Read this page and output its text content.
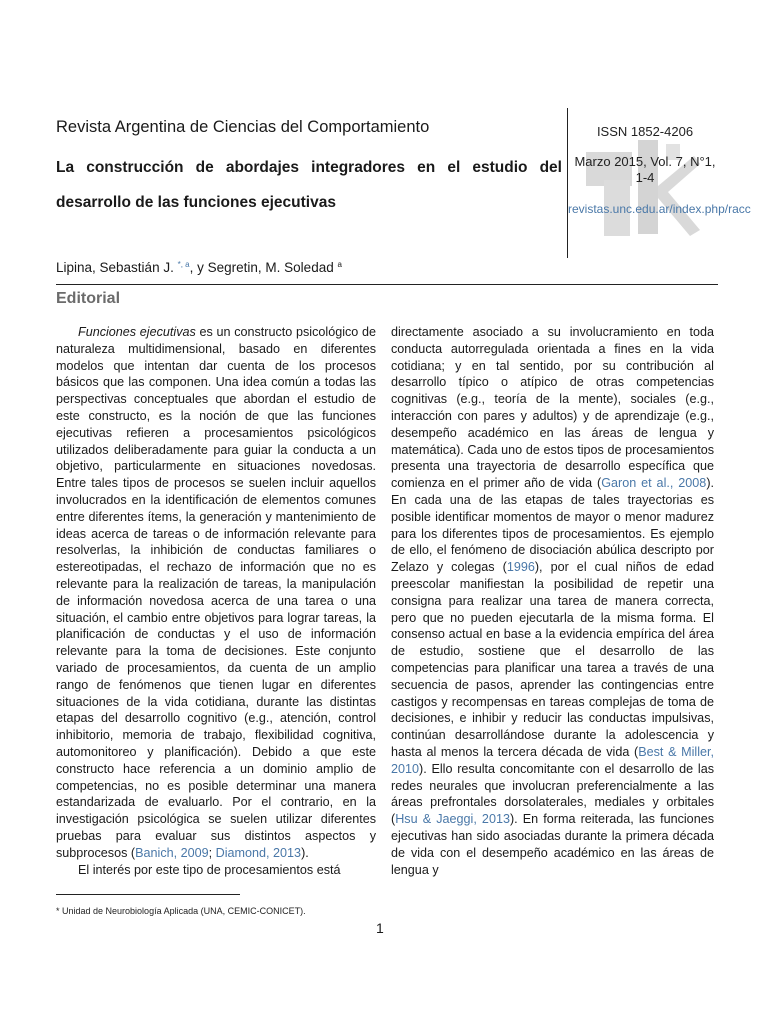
Revista Argentina de Ciencias del Comportamiento
La construcción de abordajes integradores en el estudio del desarrollo de las funciones ejecutivas
ISSN 1852-4206
Marzo 2015, Vol. 7, N°1, 1-4
revistas.unc.edu.ar/index.php/racc
Lipina, Sebastián J. $^{*, a}$, y Segretin, M. Soledad $^a$
Editorial

Funciones ejecutivas es un constructo psicológico de naturaleza multidimensional, basado en diferentes modelos que intentan dar cuenta de los procesos básicos que las componen. Una idea común a todas las perspectivas conceptuales que abordan el estudio de este constructo, es la noción de que las funciones ejecutivas refieren a procesamientos psicológicos utilizados deliberadamente para guiar la conducta a un objetivo, particularmente en situaciones novedosas. Entre tales tipos de procesos se suelen incluir aquellos involucrados en la identificación de elementos comunes entre diferentes ítems, la generación y mantenimiento de ideas acerca de tareas o de información relevante para resolverlas, la inhibición de conductas familiares o estereotipadas, el rechazo de información que no es relevante para la realización de tareas, la manipulación de información novedosa acerca de una tarea o una situación, el cambio entre objetivos para lograr tareas, la planificación de conductas y el uso de información relevante para la toma de decisiones. Este conjunto variado de procesamientos, da cuenta de un amplio rango de fenómenos que tienen lugar en diferentes situaciones de la vida cotidiana, durante las distintas etapas del desarrollo cognitivo (e.g., atención, control inhibitorio, memoria de trabajo, flexibilidad cognitiva, automonitoreo y planificación). Debido a que este constructo hace referencia a un dominio amplio de competencias, no es posible determinar una manera estandarizada de evaluarlo. Por el contrario, en la investigación psicológica se suelen utilizar diferentes pruebas para evaluar sus distintos aspectos y subprocesos (Banich, 2009; Diamond, 2013).

El interés por este tipo de procesamientos está

directamente asociado a su involucramiento en toda conducta autorregulada orientada a fines en la vida cotidiana; y en tal sentido, por su contribución al desarrollo típico o atípico de otras competencias cognitivas (e.g., teoría de la mente), sociales (e.g., interacción con pares y adultos) y de aprendizaje (e.g., desempeño académico en las áreas de lengua y matemática). Cada uno de estos tipos de procesamientos presenta una trayectoria de desarrollo específica que comienza en el primer año de vida (Garon et al., 2008). En cada una de las etapas de tales trayectorias es posible identificar momentos de mayor o menor madurez para los diferentes tipos de procesamientos. Es ejemplo de ello, el fenómeno de disociación abúlica descripto por Zelazo y colegas (1996), por el cual niños de edad preescolar manifiestan la posibilidad de repetir una consigna para realizar una tarea de manera correcta, pero que no pueden ejecutarla de la misma forma. El consenso actual en base a la evidencia empírica del área de estudio, sostiene que el desarrollo de las competencias para planificar una tarea a través de una secuencia de pasos, aprender las contingencias entre castigos y recompensas en tareas complejas de toma de decisiones, e inhibir y reducir las conductas impulsivas, continúan desarrollándose durante la adolescencia y hasta al menos la tercera década de vida (Best & Miller, 2010). Ello resulta concomitante con el desarrollo de las redes neurales que involucran preferencialmente a las áreas prefrontales dorsolaterales, mediales y orbitales (Hsu & Jaeggi, 2013). En forma reiterada, las funciones ejecutivas han sido asociadas durante la primera década de vida con el desempeño académico en las áreas de lengua y

* Unidad de Neurobiología Aplicada (UNA, CEMIC-CONICET).
1
